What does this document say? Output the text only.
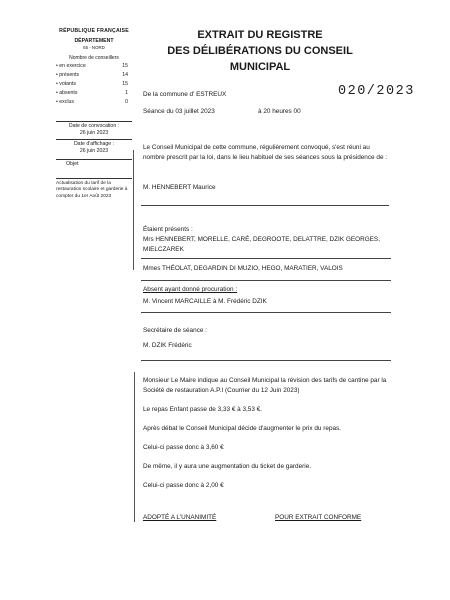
RÉPUBLIQUE FRANÇAISE
DÉPARTEMENT
65 - NORD
Nombre de conseillers
• en exercice	15
• présents	14
• votants	15
• absents	1
• exclus	0
Date de convocation :
26 juin 2023
Date d'affichage :
26 juin 2023
Objet
Actualisation du tarif de la restauration scolaire et garderie à compter du 1er Août 2023
EXTRAIT DU REGISTRE
DES DÉLIBÉRATIONS DU CONSEIL
MUNICIPAL
020/2023
De la commune d' ESTREUX
Séance du 03 juillet 2023	à 20 heures 00
Le Conseil Municipal de cette commune, régulièrement convoqué, s'est réuni au nombre prescrit par la loi, dans le lieu habituel de ses séances sous la présidence de :
M. HENNEBERT Maurice
Étaient présents :
Mrs HENNEBERT, MORELLE, CARÉ, DEGROOTE, DELATTRE, DZIK GEORGES, MIELCZAREK
Mmes THÉOLAT, DEGARDIN DI MUZIO, HEGO, MARATIER, VALOIS
Absent ayant donné procuration :
M. Vincent MARCAILLE à M. Frédéric DZIK
Secrétaire de séance :
M. DZIK Frédéric
Monsieur Le Maire indique au Conseil Municipal la révision des tarifs de cantine par la Société de restauration A.P.I (Courrier du 12 Juin 2023)
Le repas Enfant passe de 3,33 € à 3,53 €.
Après débat le Conseil Municipal décide d'augmenter le prix du repas.
Celui-ci passe donc à 3,60 €
De même, il y aura une augmentation du ticket de garderie.
Celui-ci passe donc à 2,00 €
ADOPTÉ A L'UNANIMITÉ	POUR EXTRAIT CONFORME
